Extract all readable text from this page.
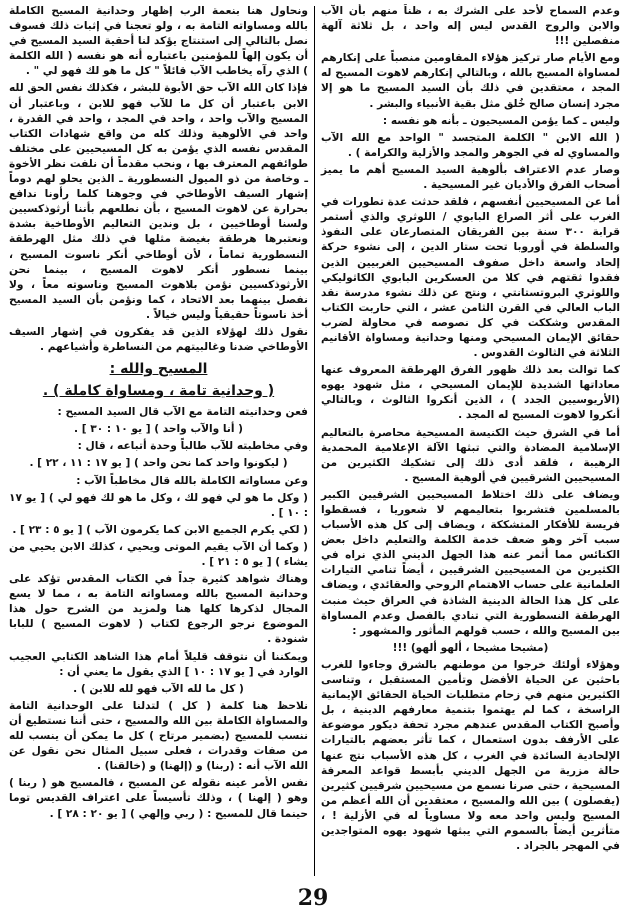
وعدم السماح لأحد على الشرك به ، ظناً منهم بأن الآب والابن والروح القدس ليس إله واحد ، بل ثلاثة آلهة منفصلين !!!

ومع الأيام صار تركيز هؤلاء المقاومين منصباً على إنكارهم لمساواة المسيح بالله ، وبالتالي إنكارهم لاهوت المسيح له المجد ، معتقدين في ذلك بأن السيد المسيح ما هو إلا مجرد إنسان صالح خُلق مثل بقية الأنبياء والبشر .

وليس ـ كما يؤمن المسيحيون ـ بأنه هو نفسه :

( الله الابن " الكلمة المتجسد " الواحد مع الله الآب والمساوي له في الجوهر والمجد والأزلية والكرامة ) .

وصار عدم الاعتراف بألوهية السيد المسيح أهم ما يميز أصحاب الفرق والأديان غير المسيحية .

أما عن المسيحيين أنفسهم ، فلقد حدثت عدة تطورات في الغرب على أثر الصراع البابوي / اللوثري والذي أستمر قرابة ٣٠٠ سنة بين الفريقان المتصارعان على النفوذ والسلطة في أوروبا تحت ستار الدين ، إلى نشوء حركة إلحاد واسعة داخل صفوف المسيحيين الغربيين الذين فقدوا ثقتهم في كلا من العسكرين البابوي الكاثوليكي واللوثري البروتستانتي ، ونتج عن ذلك نشوء مدرسة نقد الباب العالي في القرن الثامن عشر ، التي حاربت الكتاب المقدس وشككت في كل نصوصه في محاولة لضرب حقائق الإيمان المسيحي ومنها وحدانية ومساواة الأقانيم الثلاثة في الثالوث القدوس .

كما توالت بعد ذلك ظهور الفرق الهرطقة المعروف عنها معاداتها الشديدة للإيمان المسيحي ، مثل شهود يهوه (الأريوسيين الجدد ) ، الذين أنكروا الثالوث ، وبالتالي أنكروا لاهوت المسيح له المجد .

أما في الشرق حيث الكنيسة المسيحية محاصرة بالتعاليم الإسلامية المضادة والتي تبثها الآلة الإعلامية المحمدية الرهيبة ، فلقد أدى ذلك إلى تشكيك الكثيرين من المسيحيين الشرقيين في ألوهية المسيح .

ويضاف على ذلك اختلاط المسيحيين الشرقيين الكبير بالمسلمين فتشربوا بتعاليمهم لا شعوريا ، فسقطوا فريسة للأفكار المتشككة ، ويضاف إلى كل هذه الأسباب سبب آخر وهو ضعف خدمة الكلمة والتعليم داخل بعض الكنائس مما أثمر عنه هذا الجهل الديني الذي نراه في الكثيرين من المسيحيين الشرقيين ، أيضاً تنامي التيارات العلمانية على حساب الاهتمام الروحي والعقائدي ، ويضاف على كل هذا الحالة الدينية الشاذة في العراق حيث منبت الهرطقة النسطورية التي تنادي بالفصل وعدم المساواة بين المسيح والله ، حسب قولهم المأثور والمشهور :

(مشيحا مشيحا ، ألهو ألهو) !!!

وهؤلاء أولئك خرجوا من موطنهم بالشرق وجاءوا للغرب باحثين عن الحياة الأفضل وتأمين المستقبل ، وتناسى الكثيرين منهم في زحام متطلبات الحياة الحقائق الإيمانية الراسخة ، كما لم يهتموا بتنمية معارفهم الدينية ، بل وأصبح الكتاب المقدس عندهم مجرد تحفة ديكور موضوعة على الأرفف بدون استعمال ، كما تأثر بعضهم بالتيارات الإلحادية السائدة في الغرب ، كل هذه الأسباب نتج عنها حالة مزرية من الجهل الديني بأبسط قواعد المعرفة المسيحية ، حتى صرنا نسمع من مسيحيين شرقيين كثيرين (يفصلون ) بين الله والمسيح ، معتقدين أن الله أعظم من المسيح وليس واحد معه ولا مساوياً له في الأزلية ! ، متأثرين أيضاً بالسموم التي يبثها شهود يهوه المتواجدين في المهجر بالجراد .

ونحاول هنا بنعمة الرب إظهار وحدانية المسيح الكاملة بالله ومساواته التامة به ، ولو تعجنا في إثبات ذلك فسوف نصل بالتالي إلى استنتاج يؤكد لنا أحقية السيد المسيح في أن يكون إلهاً للمؤمنين باعتباره أنه هو نفسه ( الله الكلمة ) الذي رآه يخاطب الآب قائلاً " كل ما هو لك فهو لي " .

فإذا كان الله الآب حق الأبوة للبشر ، فكذلك نفس الحق لله الابن باعتبار أن كل ما للآب فهو للابن ، وباعتبار أن المسيح والآب واحد ، واحد في المجد ، واحد في القدرة ، واحد في الألوهية وذلك كله من واقع شهادات الكتاب المقدس نفسه الذي يؤمن به كل المسيحيين على مختلف طوائفهم المعترف بها ، ونحب مقدماً أن نلفت نظر الأخوة ـ وخاصة من ذو الميول النسطورية ـ الذين يحلو لهم دوماً إشهار السيف الأوطاخي في وجوهنا كلما رأونا ندافع بحرارة عن لاهوت المسيح ، بأن نطلعهم بأننا أرثوذكسيين ولسنا أوطاخيين ، بل وندين التعاليم الأوطاخية بشدة ونعتبرها هرطقة بغيضة مثلها في ذلك مثل الهرطقة النسطورية تماماً ، لأن أوطاخي أنكر ناسوت المسيح ، بينما نسطور أنكر لاهوت المسيح ، بينما نحن الأرثوذكسيين نؤمن بلاهوت المسيح وناسوته معاً ، ولا نفصل بينهما بعد الاتحاد ، كما ونؤمن بأن السيد المسيح أخذ ناسوتاً حقيقياً وليس خيالاً .

نقول ذلك لهؤلاء الذين قد يفكرون في إشهار السيف الأوطاخي ضدنا وغالبيتهم من النساطرة وأشياعهم .

المسيح والله :
( وحدانية تامة ، ومساواة كاملة ) .

فعن وحدانيته التامة مع الآب قال السيد المسيح :

( أنا والآب واحد ) [ يو ١٠ : ٣٠ ] .

وفي مخاطبته للآب طالباً وحدة أتباعه ، قال :

( ليكونوا واحد كما نحن واحد ) [ يو ١٧ : ١١ ، ٢٢ ] .

وعن مساواته الكاملة بالله قال مخاطباً الآب :

( وكل ما هو لي فهو لك ، وكل ما هو لك فهو لي ) [ يو ١٧ : ١٠ ] .

( لكي يكرم الجميع الابن كما يكرمون الآب ) [ يو ٥ : ٢٣ ] .

( وكما أن الآب يقيم الموتى ويحيي ، كذلك الابن يحيي من يشاء ) [ يو ٥ : ٢١ ] .

وهناك شواهد كثيرة جداً في الكتاب المقدس تؤكد على وحدانية المسيح بالله ومساواته التامة به ، مما لا يسع المجال لذكرها كلها هنا ولمزيد من الشرح حول هذا الموضوع نرجو الرجوع لكتاب ( لاهوت المسيح ) للبابا شنودة .

ويمكننا أن نتوقف قليلاً أمام هذا الشاهد الكتابي العجيب الوارد في [ يو ١٧ : ١٠ ] الذي يقول ما يعني أن :

( كل ما لله الآب فهو لله للابن ) .

نلاحظ هنا كلمة ( كل ) لتدلنا على الوحدانية التامة والمساواة الكاملة بين الله والمسيح ، حتى أننا نستطيع أن ننسب للمسيح (بضمير مرتاح ) كل ما يمكن أن ينسب لله من صفات وقدرات ، فعلى سبيل المثال نحن نقول عن الله الآب أنه : (ربنا) و (إلهنا) و (خالقنا) .

نفس الأمر عينه نقوله عن المسيح ، فالمسيح هو ( ربنا ) وهو ( إلهنا ) ، وذلك تأسيساً على اعتراف القديس توما حينما قال للمسيح : ( ربي وإلهي ) [ يو ٢٠ : ٢٨ ] .

29
